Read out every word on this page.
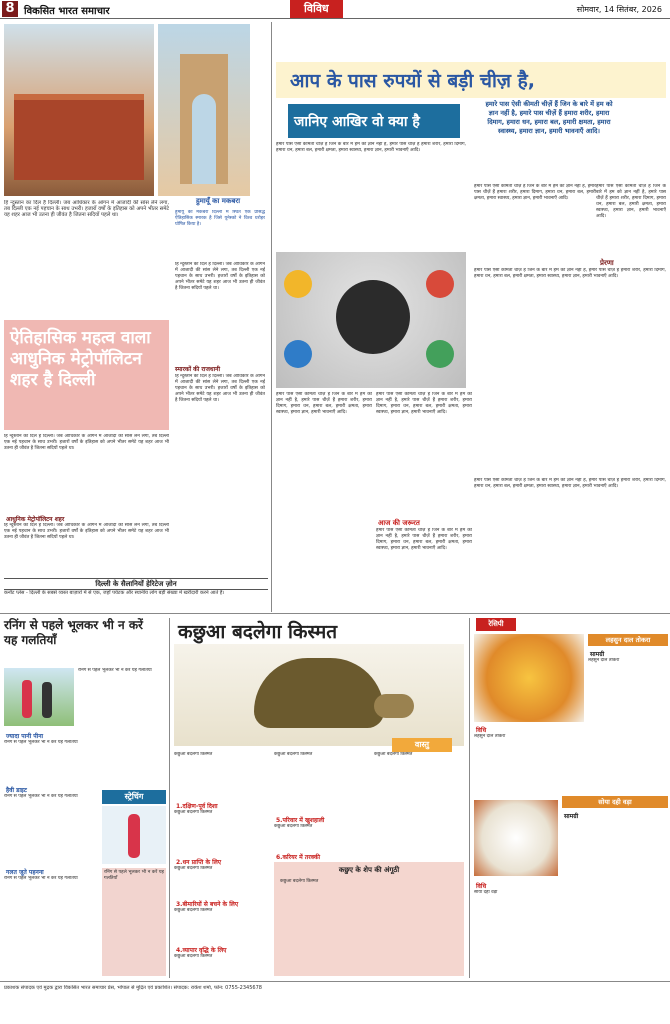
8 विकसित भारत समाचार	विविध	सोमवार, 14 सितंबर, 2026
हुमायूँ का मकबरा
हि न्दुस्तान का दिल है दिल्ली। जब आधिकार के आंगन में आजादी की सांस लेने लगा, तब दिल्ली एक नई पहचान के साथ उभरी। हजारों वर्षों के इतिहास को अपने भीतर समेटे यह शहर आज भी उतना ही जीवंत है जितना सदियों पहले था।	हुमायूँ का मकबरा दिल्ली में स्थित एक प्रसिद्ध ऐतिहासिक स्मारक है जिसे यूनेस्को ने विश्व धरोहर घोषित किया है।
हि न्दुस्तान का दिल है दिल्ली। जब आधिकार के आंगन में आजादी की सांस लेने लगा, तब दिल्ली एक नई पहचान के साथ उभरी। हजारों वर्षों के इतिहास को अपने भीतर समेटे यह शहर आज भी उतना ही जीवंत है जितना सदियों पहले था।
स्मारकों की राजधानी
हि न्दुस्तान का दिल है दिल्ली। जब आधिकार के आंगन में आजादी की सांस लेने लगा, तब दिल्ली एक नई पहचान के साथ उभरी। हजारों वर्षों के इतिहास को अपने भीतर समेटे यह शहर आज भी उतना ही जीवंत है जितना सदियों पहले था।
ऐतिहासिक महत्व वाला आधुनिक मेट्रोपॉलिटन शहर है दिल्ली
हि न्दुस्तान का दिल है दिल्ली। जब आधिकार के आंगन में आजादी की सांस लेने लगा, तब दिल्ली एक नई पहचान के साथ उभरी। हजारों वर्षों के इतिहास को अपने भीतर समेटे यह शहर आज भी उतना ही जीवंत है जितना सदियों पहले था।
आधुनिक मेट्रोपॉलिटन शहर
हि न्दुस्तान का दिल है दिल्ली। जब आधिकार के आंगन में आजादी की सांस लेने लगा, तब दिल्ली एक नई पहचान के साथ उभरी। हजारों वर्षों के इतिहास को अपने भीतर समेटे यह शहर आज भी उतना ही जीवंत है जितना सदियों पहले था।
दिल्ली के सैलानियों हेरिटेज ज़ोन
कनॉट प्लेस - दिल्ली के सबसे व्यस्त बाज़ारों में से एक, जहाँ पर्यटक और स्थानीय लोग बड़ी संख्या में खरीदारी करने आते हैं।
आप के पास रुपयों से बड़ी चीज़ है,
जानिए आखिर वो क्या है
हमारे पास ऐसी कीमती चीज़ें हैं जिन के बारे में हम को ज्ञान नहीं है, हमारे पास चीज़ें हैं हमारा शरीर, हमारा दिमाग, हमारा धन, हमारा बल, हमारी क्षमता, हमारा स्वास्थ्य, हमारा ज्ञान, हमारी भावनाएँ आदि।
हमारे पास ऐसी कीमती चीज़ें हैं जिन के बारे में हम को ज्ञान नहीं है, हमारे पास चीज़ें हैं हमारा शरीर, हमारा दिमाग, हमारा धन, हमारा बल, हमारी क्षमता, हमारा स्वास्थ्य, हमारा ज्ञान, हमारी भावनाएँ आदि।
हमारे पास ऐसी कीमती चीज़ें हैं जिन के बारे में हम को ज्ञान नहीं है, हमारे पास चीज़ें हैं हमारा शरीर, हमारा दिमाग, हमारा धन, हमारा बल, हमारी क्षमता, हमारा स्वास्थ्य, हमारा ज्ञान, हमारी भावनाएँ आदि।
हमारे पास ऐसी कीमती चीज़ें हैं जिन के बारे में हम को ज्ञान नहीं है, हमारे पास चीज़ें हैं हमारा शरीर, हमारा दिमाग, हमारा धन, हमारा बल, हमारी क्षमता, हमारा स्वास्थ्य, हमारा ज्ञान, हमारी भावनाएँ आदि।
प्रेरणा
हमारे पास ऐसी कीमती चीज़ें हैं जिन के बारे में हम को ज्ञान नहीं है, हमारे पास चीज़ें हैं हमारा शरीर, हमारा दिमाग, हमारा धन, हमारा बल, हमारी क्षमता, हमारा स्वास्थ्य, हमारा ज्ञान, हमारी भावनाएँ आदि।
हमारे पास ऐसी कीमती चीज़ें हैं जिन के बारे में हम को ज्ञान नहीं है, हमारे पास चीज़ें हैं हमारा शरीर, हमारा दिमाग, हमारा धन, हमारा बल, हमारी क्षमता, हमारा स्वास्थ्य, हमारा ज्ञान, हमारी भावनाएँ आदि।
हमारे पास ऐसी कीमती चीज़ें हैं जिन के बारे में हम को ज्ञान नहीं है, हमारे पास चीज़ें हैं हमारा शरीर, हमारा दिमाग, हमारा धन, हमारा बल, हमारी क्षमता, हमारा स्वास्थ्य, हमारा ज्ञान, हमारी भावनाएँ आदि।
आज की जरूरत
हमारे पास ऐसी कीमती चीज़ें हैं जिन के बारे में हम को ज्ञान नहीं है, हमारे पास चीज़ें हैं हमारा शरीर, हमारा दिमाग, हमारा धन, हमारा बल, हमारी क्षमता, हमारा स्वास्थ्य, हमारा ज्ञान, हमारी भावनाएँ आदि।
हमारे पास ऐसी कीमती चीज़ें हैं जिन के बारे में हम को ज्ञान नहीं है, हमारे पास चीज़ें हैं हमारा शरीर, हमारा दिमाग, हमारा धन, हमारा बल, हमारी क्षमता, हमारा स्वास्थ्य, हमारा ज्ञान, हमारी भावनाएँ आदि।
रनिंग से पहले भूलकर भी न करें यह गलतियाँ
रनिंग से पहले भूलकर भी न करें यह गलतियाँ
ज्यादा पानी पीना
रनिंग से पहले भूलकर भी न करें यह गलतियाँ
हैवी डाइट
रनिंग से पहले भूलकर भी न करें यह गलतियाँ
गलत जूते पहनना
रनिंग से पहले भूलकर भी न करें यह गलतियाँ
स्ट्रेचिंग
रनिंग से पहले भूलकर भी न करें यह गलतियाँ
कछुआ बदलेगा किस्मत
वास्तु
कछुआ बदलेगा किस्मत
1.दक्षिण-पूर्व दिशा
कछुआ बदलेगा किस्मत
2.धन प्राप्ति के लिए
कछुआ बदलेगा किस्मत
3.बीमारियों से बचने के लिए
कछुआ बदलेगा किस्मत
4.व्यापार वृद्धि के लिए
कछुआ बदलेगा किस्मत
कछुआ बदलेगा किस्मत	कछुआ बदलेगा किस्मत
5.परिवार में खुशहाली
कछुआ बदलेगा किस्मत
6.करियर में तरक्की
कछुए के शेप की अंगूठी
कछुआ बदलेगा किस्मत
रेसिपी
लहसुन दाल तोकरा
सामग्री
लहसुन दाल तोकरा
विधि
लहसुन दाल तोकरा
सोया दही वड़ा
सामग्री
विधि
सोया दही वड़ा
प्रकाशक संपादक एवं मुद्रक द्वारा विकसित भारत समाचार प्रेस, भोपाल से मुद्रित एवं प्रकाशित। संपादक: राकेश शर्मा, फोन: 0755-2345678
